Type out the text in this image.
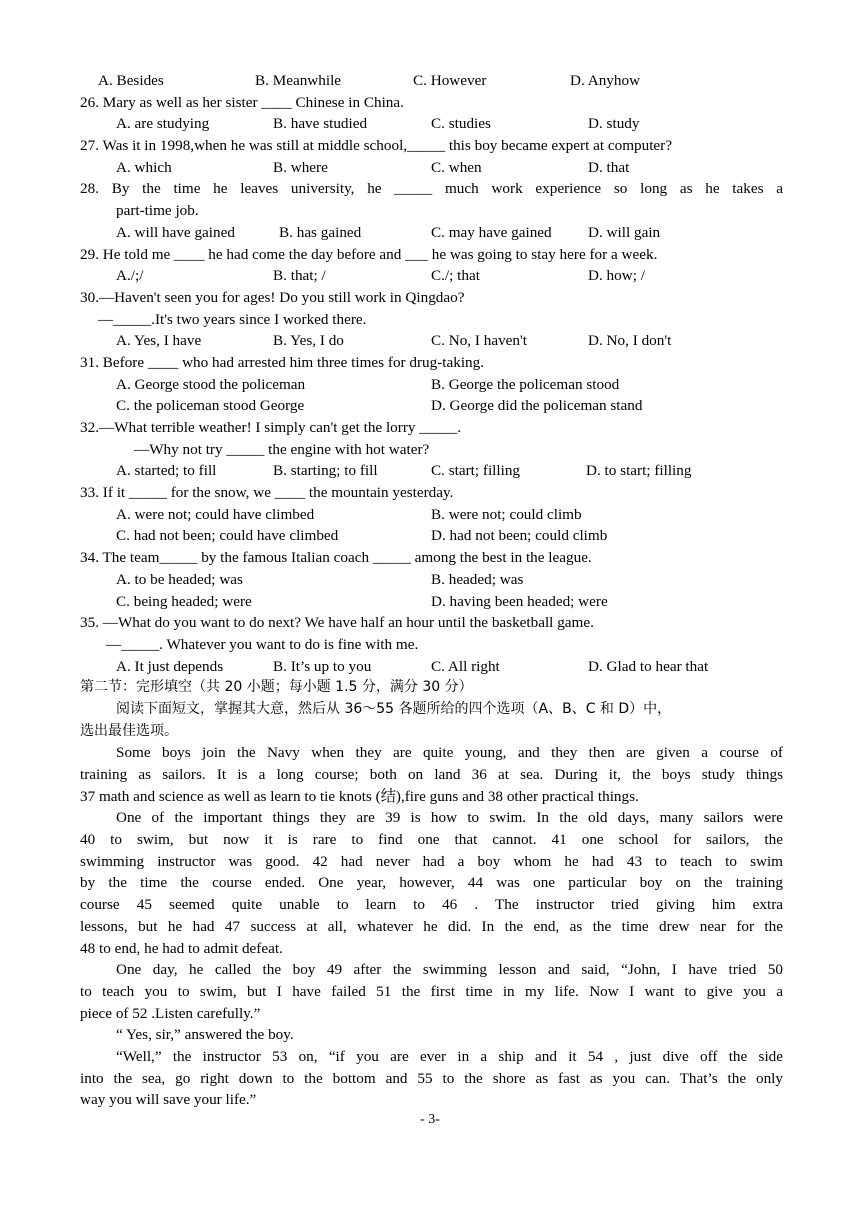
A. Besides	B. Meanwhile	C. However	D. Anyhow
26. Mary as well as her sister ____ Chinese in China.
A. are studying	B. have studied	C. studies	D. study
27. Was it in 1998,when he was still at middle school,_____ this boy became expert at computer?
A. which	B. where	C. when	D. that
28. By the time he leaves university, he _____ much work experience so long as he takes a
part-time job.
A. will have gained	B. has gained	C. may have gained	D. will gain
29. He told me ____ he had come the day before and ___ he was going to stay here for a week.
A./;/	B. that; /	C./; that	D. how; /
30.—Haven't seen you for ages! Do you still work in Qingdao?
—_____.It's two years since I worked there.
A. Yes, I have	B. Yes, I do	C. No, I haven't	D. No, I don't
31. Before ____ who had arrested him three times for drug-taking.
A. George stood the policeman	B. George the policeman stood
C. the policeman stood George	D. George did the policeman stand
32.—What terrible weather! I simply can't get the lorry _____.
—Why not try _____ the engine with hot water?
A. started; to fill	B. starting; to fill	C. start; filling	D. to start; filling
33. If it _____ for the snow, we ____ the mountain yesterday.
A. were not; could have climbed	B. were not; could climb
C. had not been; could have climbed	D. had not been; could climb
34. The team_____ by the famous Italian coach _____ among the best in the league.
A. to be headed; was	B. headed; was
C. being headed; were	D. having been headed; were
35. —What do you want to do next? We have half an hour until the basketball game.
—_____. Whatever you want to do is fine with me.
A. It just depends	B. It’s up to you	C. All right	D. Glad to hear that
第二节：完形填空（共 20 小题；每小题 1.5 分，满分 30 分）
阅读下面短文，掌握其大意，然后从 36～55 各题所给的四个选项（A、B、C 和 D）中，
选出最佳选项。
Some boys join the Navy when they are quite young, and they then are given a course of
training as sailors. It is a long course; both on land 36 at sea. During it, the boys study things
37 math and science as well as learn to tie knots (结),fire guns and 38 other practical things.
One of the important things they are 39 is how to swim. In the old days, many sailors were
40 to swim, but now it is rare to find one that cannot. 41 one school for sailors, the
swimming instructor was good. 42 had never had a boy whom he had 43 to teach to swim
by the time the course ended. One year, however, 44 was one particular boy on the training
course 45 seemed quite unable to learn to 46 . The instructor tried giving him extra
lessons, but he had 47 success at all, whatever he did. In the end, as the time drew near for the
48 to end, he had to admit defeat.
One day, he called the boy 49 after the swimming lesson and said, “John, I have tried 50
to teach you to swim, but I have failed 51 the first time in my life. Now I want to give you a
piece of 52 .Listen carefully.”
“ Yes, sir,” answered the boy.
“Well,” the instructor 53 on, “if you are ever in a ship and it 54 , just dive off the side
into the sea, go right down to the bottom and 55 to the shore as fast as you can. That’s the only
way you will save your life.”
- 3-
